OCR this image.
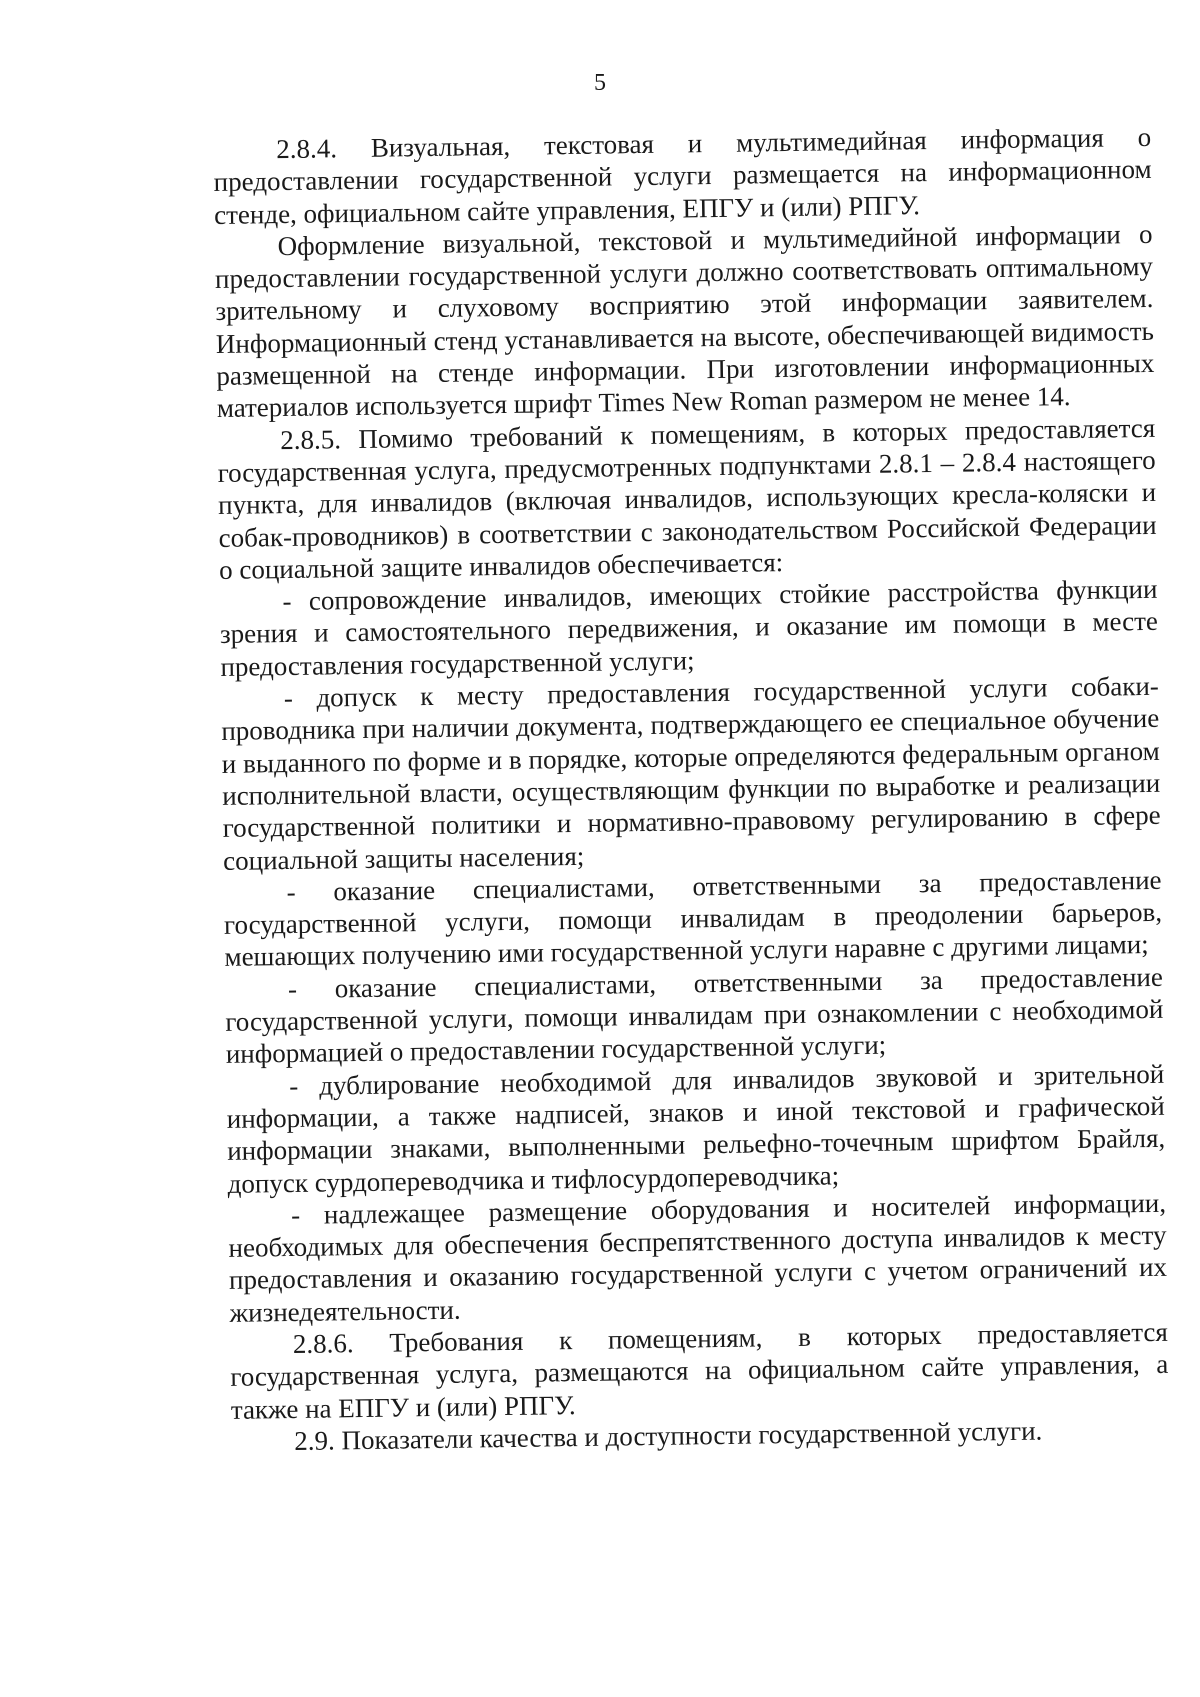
5

2.8.4. Визуальная, текстовая и мультимедийная информация о предоставлении государственной услуги размещается на информационном стенде, официальном сайте управления, ЕПГУ и (или) РПГУ.

Оформление визуальной, текстовой и мультимедийной информации о предоставлении государственной услуги должно соответствовать оптимальному зрительному и слуховому восприятию этой информации заявителем. Информационный стенд устанавливается на высоте, обеспечивающей видимость размещенной на стенде информации. При изготовлении информационных материалов используется шрифт Times New Roman размером не менее 14.

2.8.5. Помимо требований к помещениям, в которых предоставляется государственная услуга, предусмотренных подпунктами 2.8.1 – 2.8.4 настоящего пункта, для инвалидов (включая инвалидов, использующих кресла-коляски и собак-проводников) в соответствии с законодательством Российской Федерации о социальной защите инвалидов обеспечивается:

- сопровождение инвалидов, имеющих стойкие расстройства функции зрения и самостоятельного передвижения, и оказание им помощи в месте предоставления государственной услуги;

- допуск к месту предоставления государственной услуги собаки-проводника при наличии документа, подтверждающего ее специальное обучение и выданного по форме и в порядке, которые определяются федеральным органом исполнительной власти, осуществляющим функции по выработке и реализации государственной политики и нормативно-правовому регулированию в сфере социальной защиты населения;

- оказание специалистами, ответственными за предоставление государственной услуги, помощи инвалидам в преодолении барьеров, мешающих получению ими государственной услуги наравне с другими лицами;

- оказание специалистами, ответственными за предоставление государственной услуги, помощи инвалидам при ознакомлении с необходимой информацией о предоставлении государственной услуги;

- дублирование необходимой для инвалидов звуковой и зрительной информации, а также надписей, знаков и иной текстовой и графической информации знаками, выполненными рельефно-точечным шрифтом Брайля, допуск сурдопереводчика и тифлосурдопереводчика;

- надлежащее размещение оборудования и носителей информации, необходимых для обеспечения беспрепятственного доступа инвалидов к месту предоставления и оказанию государственной услуги с учетом ограничений их жизнедеятельности.

2.8.6. Требования к помещениям, в которых предоставляется государственная услуга, размещаются на официальном сайте управления, а также на ЕПГУ и (или) РПГУ.

2.9. Показатели качества и доступности государственной услуги.
